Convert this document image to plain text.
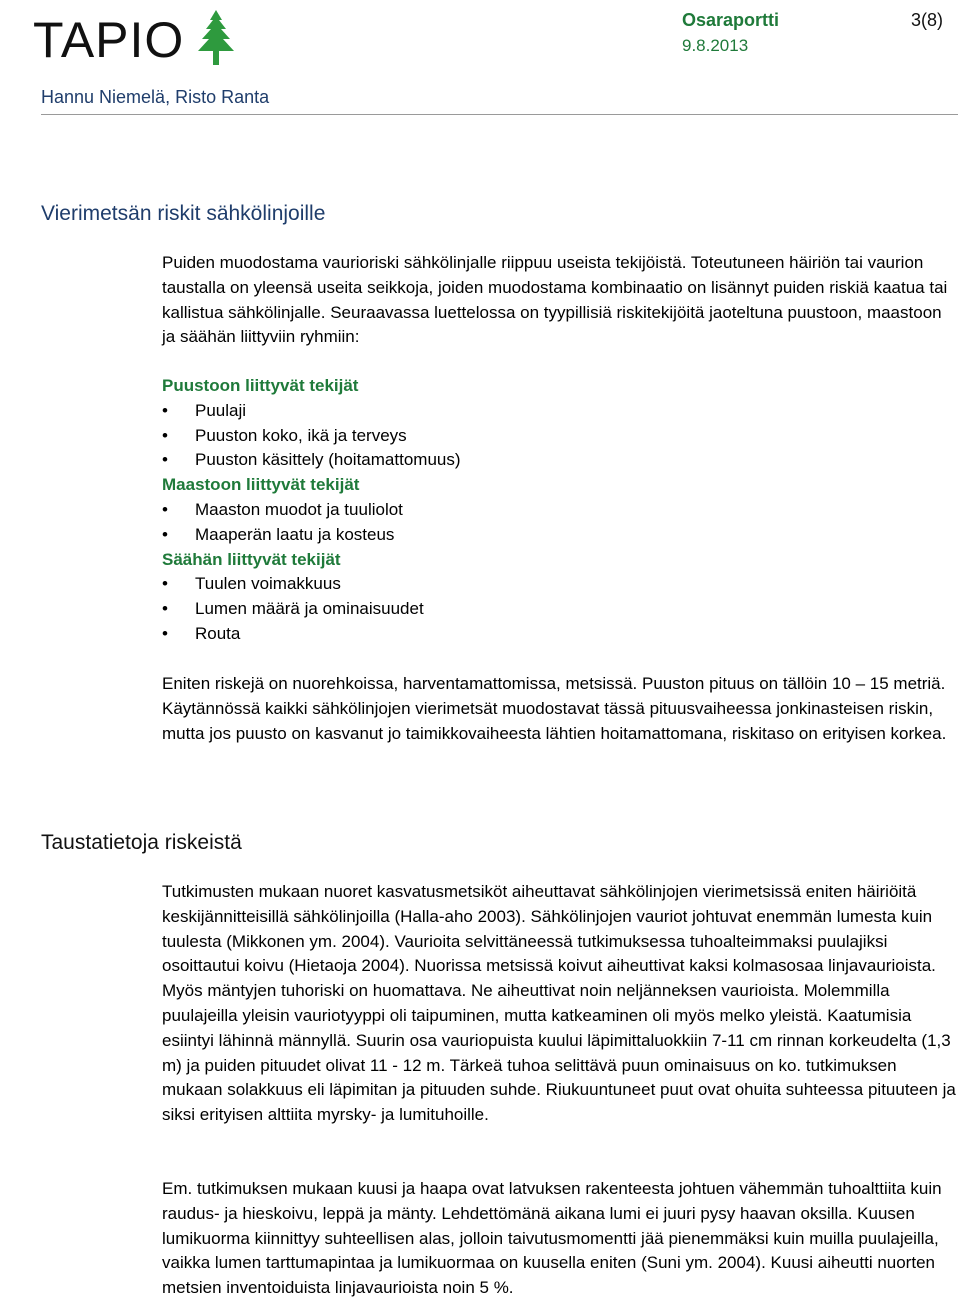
TAPIO	Osaraportti	3(8)
9.8.2013
Hannu Niemelä, Risto Ranta
Vierimetsän riskit sähkölinjoille

Puiden muodostama vaurioriski sähkölinjalle riippuu useista tekijöistä. Toteutuneen häiriön tai vaurion taustalla on yleensä useita seikkoja, joiden muodostama kombinaatio on lisännyt puiden riskiä kaatua tai kallistua sähkölinjalle. Seuraavassa luettelossa on tyypillisiä riskitekijöitä jaoteltuna puustoon, maastoon ja säähän liittyviin ryhmiin:

Puustoon liittyvät tekijät

• Puulaji
• Puuston koko, ikä ja terveys
• Puuston käsittely (hoitamattomuus)

Maastoon liittyvät tekijät

• Maaston muodot ja tuuliolot
• Maaperän laatu ja kosteus

Säähän liittyvät tekijät

• Tuulen voimakkuus
• Lumen määrä ja ominaisuudet
• Routa

Eniten riskejä on nuorehkoissa, harventamattomissa, metsissä. Puuston pituus on tällöin 10 – 15 metriä. Käytännössä kaikki sähkölinjojen vierimetsät muodostavat tässä pituusvaiheessa jonkinasteisen riskin, mutta jos puusto on kasvanut jo taimikkovaiheesta lähtien hoitamattomana, riskitaso on erityisen korkea.

Taustatietoja riskeistä

Tutkimusten mukaan nuoret kasvatusmetsiköt aiheuttavat sähkölinjojen vierimetsissä eniten häiriöitä keskijännitteisillä sähkölinjoilla (Halla-aho 2003). Sähkölinjojen vauriot johtuvat enemmän lumesta kuin tuulesta (Mikkonen ym. 2004). Vaurioita selvittäneessä tutkimuksessa tuhoalteimmaksi puulajiksi osoittautui koivu (Hietaoja 2004). Nuorissa metsissä koivut aiheuttivat kaksi kolmasosaa linjavaurioista. Myös mäntyjen tuhoriski on huomattava. Ne aiheuttivat noin neljänneksen vaurioista. Molemmilla puulajeilla yleisin vauriotyyppi oli taipuminen, mutta katkeaminen oli myös melko yleistä. Kaatumisia esiintyi lähinnä männyllä. Suurin osa vauriopuista kuului läpimittaluokkiin 7-11 cm rinnan korkeudelta (1,3 m) ja puiden pituudet olivat 11 - 12 m. Tärkeä tuhoa selittävä puun ominaisuus on ko. tutkimuksen mukaan solakkuus eli läpimitan ja pituuden suhde. Riukuuntuneet puut ovat ohuita suhteessa pituuteen ja siksi erityisen alttiita myrsky- ja lumituhoille.

Em. tutkimuksen mukaan kuusi ja haapa ovat latvuksen rakenteesta johtuen vähemmän tuhoalttiita kuin raudus- ja hieskoivu, leppä ja mänty. Lehdettömänä aikana lumi ei juuri pysy haavan oksilla. Kuusen lumikuorma kiinnittyy suhteellisen alas, jolloin taivutusmomentti jää pienemmäksi kuin muilla puulajeilla, vaikka lumen tarttumapintaa ja lumikuormaa on kuusella eniten (Suni ym. 2004). Kuusi aiheutti nuorten metsien inventoiduista linjavaurioista noin 5 %.
